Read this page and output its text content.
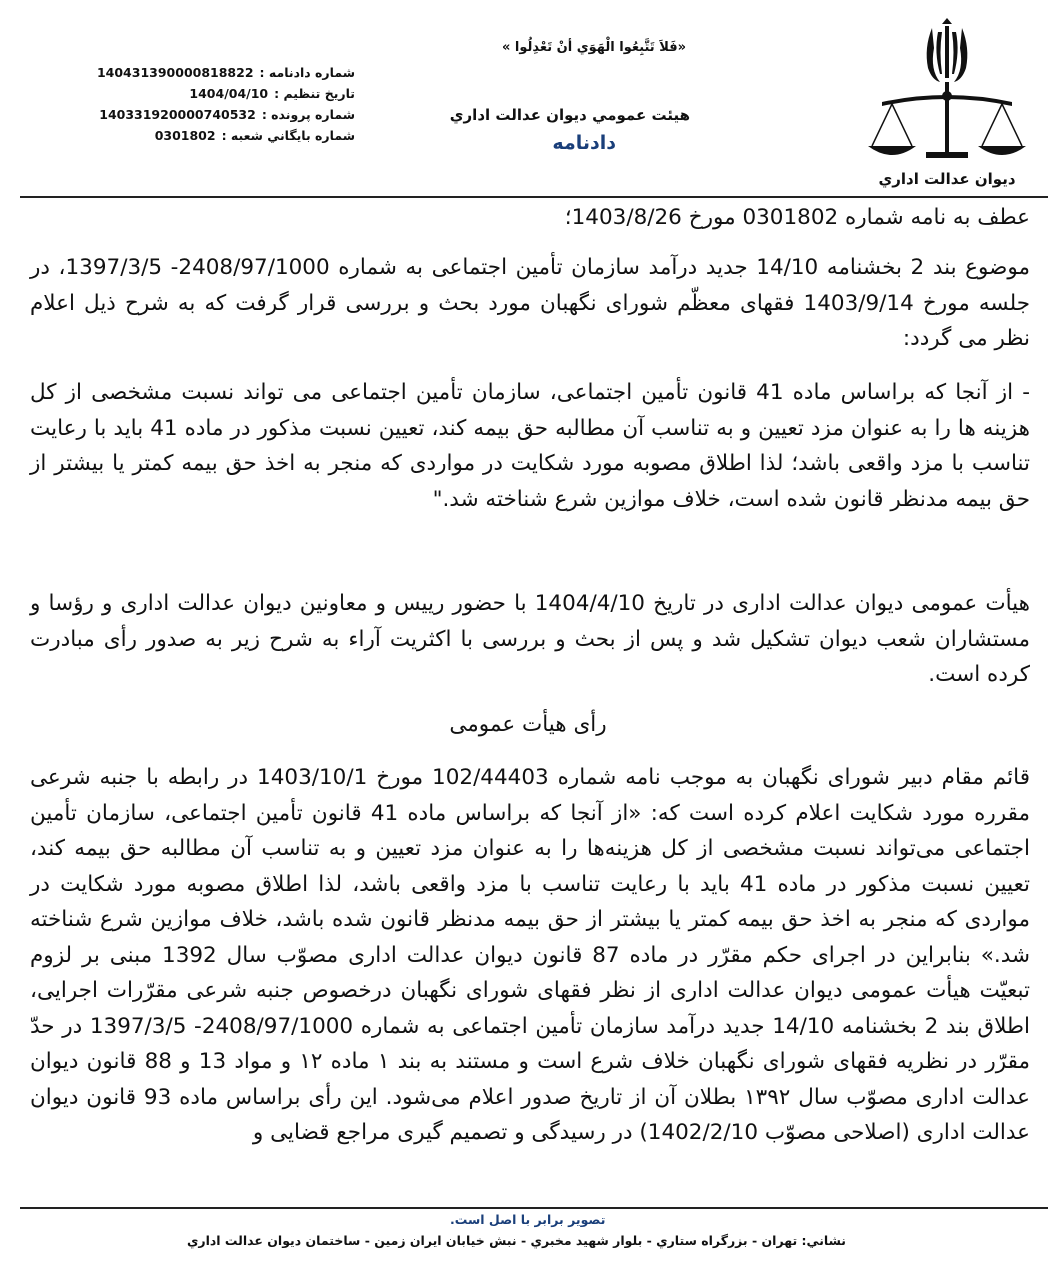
ديوان عدالت اداري
«فَلاَ تَتَّبِعُوا الْهَوَي أنْ تَعْدِلُوا »
هيئت عمومي ديوان عدالت اداري
دادنامه
شماره دادنامه :
140431390000818822
تاريخ تنظيم :
1404/04/10
شماره پرونده :
140331920000740532
شماره بايگاني شعبه :
0301802

عطف به نامه شماره 0301802 مورخ 1403/8/26؛

موضوع بند 2 بخشنامه 14/10 جدید درآمد سازمان تأمین اجتماعی به شماره 2408/97/1000- 1397/3/5، در جلسه مورخ 1403/9/14 فقهای معظّم شورای نگهبان مورد بحث و بررسی قرار گرفت که به شرح ذیل اعلام نظر می گردد:

- از آنجا که براساس ماده 41 قانون تأمین اجتماعی، سازمان تأمین اجتماعی می تواند نسبت مشخصی از کل هزینه ها را به عنوان مزد تعیین و به تناسب آن مطالبه حق بیمه کند، تعیین نسبت مذکور در ماده 41 باید با رعایت تناسب با مزد واقعی باشد؛ لذا اطلاق مصوبه مورد شکایت در مواردی که منجر به اخذ حق بیمه کمتر یا بیشتر از حق بیمه مدنظر قانون شده است، خلاف موازین شرع شناخته شد."

هیأت عمومی دیوان عدالت اداری در تاریخ 1404/4/10 با حضور رییس و معاونین دیوان عدالت اداری و رؤسا و مستشاران شعب دیوان تشکیل شد و پس از بحث و بررسی با اکثریت آراء به شرح زیر به صدور رأی مبادرت کرده است.

رأی هیأت عمومی

قائم مقام دبیر شورای نگهبان به موجب نامه شماره 102/44403 مورخ 1403/10/1 در رابطه با جنبه شرعی مقرره مورد شکایت اعلام کرده است که: «از آنجا که براساس ماده 41 قانون تأمین اجتماعی، سازمان تأمین اجتماعی می‌تواند نسبت مشخصی از کل هزینه‌ها را به عنوان مزد تعیین و به تناسب آن مطالبه حق بیمه کند، تعیین نسبت مذکور در ماده 41 باید با رعایت تناسب با مزد واقعی باشد، لذا اطلاق مصوبه مورد شکایت در مواردی که منجر به اخذ حق بیمه کمتر یا بیشتر از حق بیمه مدنظر قانون شده باشد، خلاف موازین شرع شناخته شد.» بنابراین در اجرای حکم مقرّر در ماده 87 قانون دیوان عدالت اداری مصوّب سال 1392 مبنی بر لزوم تبعیّت هیأت عمومی دیوان عدالت اداری از نظر فقهای شورای نگهبان درخصوص جنبه شرعی مقرّرات اجرایی، اطلاق بند 2 بخشنامه 14/10 جدید درآمد سازمان تأمین اجتماعی به شماره 2408/97/1000- 1397/3/5 در حدّ مقرّر در نظریه فقهای شورای نگهبان خلاف شرع است و مستند به بند ۱ ماده ۱۲ و مواد 13 و 88 قانون دیوان عدالت اداری مصوّب سال ۱۳۹۲ بطلان آن از تاریخ صدور اعلام می‌شود. این رأی براساس ماده 93 قانون دیوان عدالت اداری (اصلاحی مصوّب 1402/2/10) در رسیدگی و تصمیم گیری مراجع قضایی و

تصوير برابر با اصل است.
نشاني: تهران - بزرگراه ستاري - بلوار شهيد مخبري - نبش خيابان ايران زمين - ساختمان ديوان عدالت اداري
